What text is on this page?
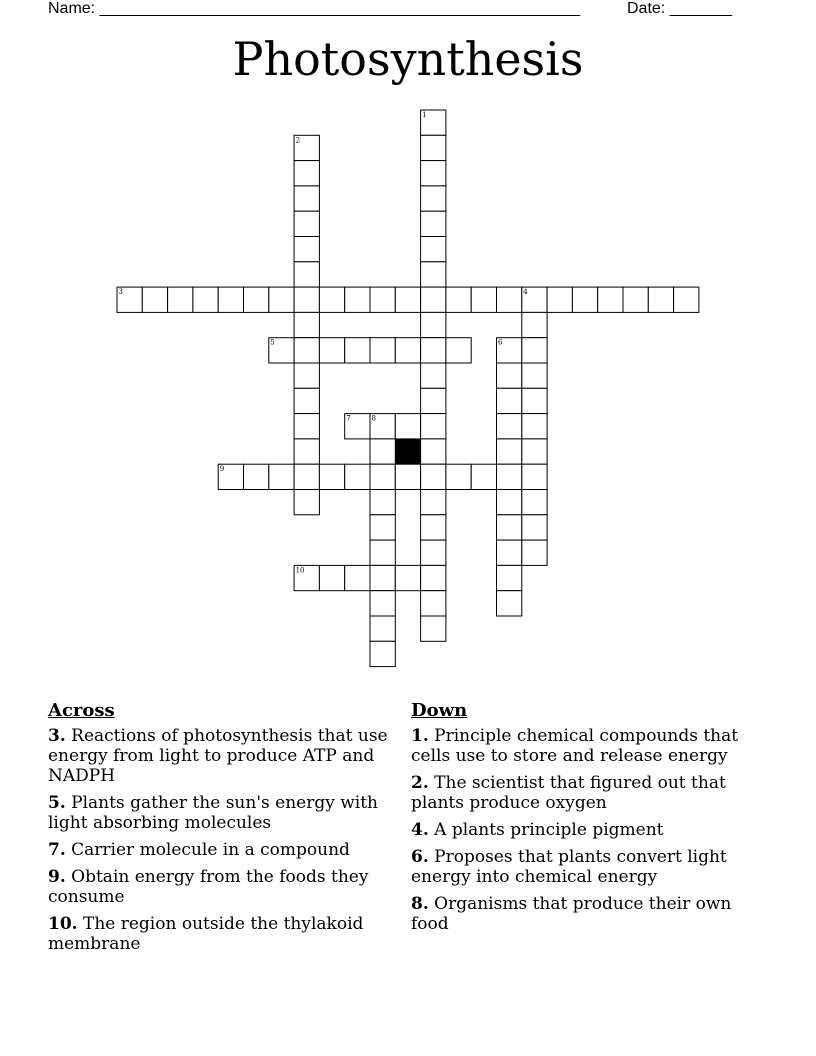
Name: ______________________________________________________	Date: _______
Photosynthesis
1
2
3	4
5	6
7	8
9
10
Across
3. Reactions of photosynthesis that use energy from light to produce ATP and NADPH
5. Plants gather the sun's energy with light absorbing molecules
7. Carrier molecule in a compound
9. Obtain energy from the foods they consume
10. The region outside the thylakoid membrane
Down
1. Principle chemical compounds that cells use to store and release energy
2. The scientist that figured out that plants produce oxygen
4. A plants principle pigment
6. Proposes that plants convert light energy into chemical energy
8. Organisms that produce their own food
